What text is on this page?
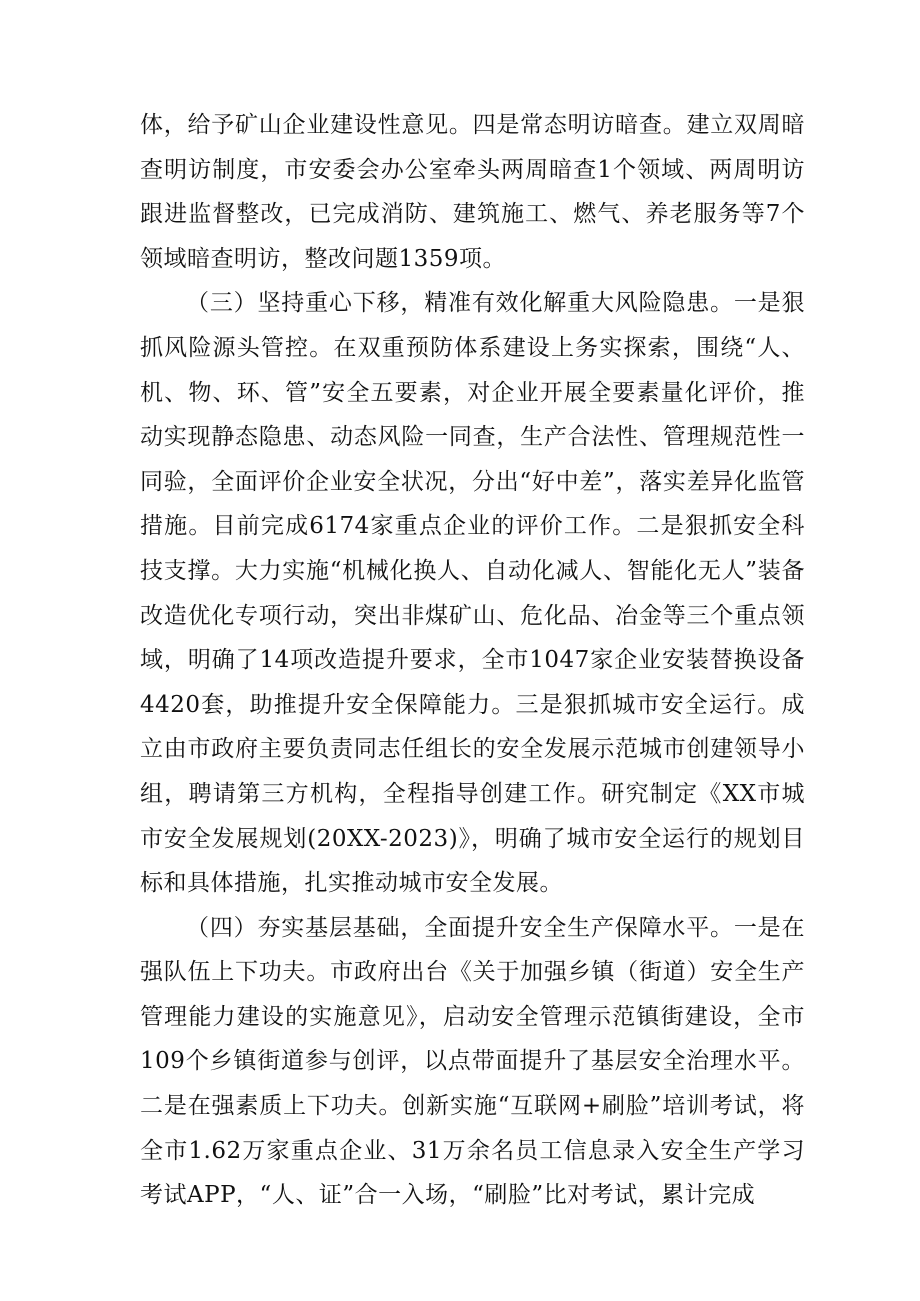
体，给予矿山企业建设性意见。四是常态明访暗查。建立双周暗查明访制度，市安委会办公室牵头两周暗查1个领域、两周明访跟进监督整改，已完成消防、建筑施工、燃气、养老服务等7个领域暗查明访，整改问题1359项。

（三）坚持重心下移，精准有效化解重大风险隐患。一是狠抓风险源头管控。在双重预防体系建设上务实探索，围绕“人、机、物、环、管”安全五要素，对企业开展全要素量化评价，推动实现静态隐患、动态风险一同查，生产合法性、管理规范性一同验，全面评价企业安全状况，分出“好中差”，落实差异化监管措施。目前完成6174家重点企业的评价工作。二是狠抓安全科技支撑。大力实施“机械化换人、自动化减人、智能化无人”装备改造优化专项行动，突出非煤矿山、危化品、冶金等三个重点领域，明确了14项改造提升要求，全市1047家企业安装替换设备4420套，助推提升安全保障能力。三是狠抓城市安全运行。成立由市政府主要负责同志任组长的安全发展示范城市创建领导小组，聘请第三方机构，全程指导创建工作。研究制定《XX市城市安全发展规划(20XX-2023)》，明确了城市安全运行的规划目标和具体措施，扎实推动城市安全发展。

（四）夯实基层基础，全面提升安全生产保障水平。一是在强队伍上下功夫。市政府出台《关于加强乡镇（街道）安全生产管理能力建设的实施意见》，启动安全管理示范镇街建设，全市109个乡镇街道参与创评，以点带面提升了基层安全治理水平。二是在强素质上下功夫。创新实施“互联网+刷脸”培训考试，将全市1.62万家重点企业、31万余名员工信息录入安全生产学习考试APP，“人、证”合一入场，“刷脸”比对考试，累计完成
